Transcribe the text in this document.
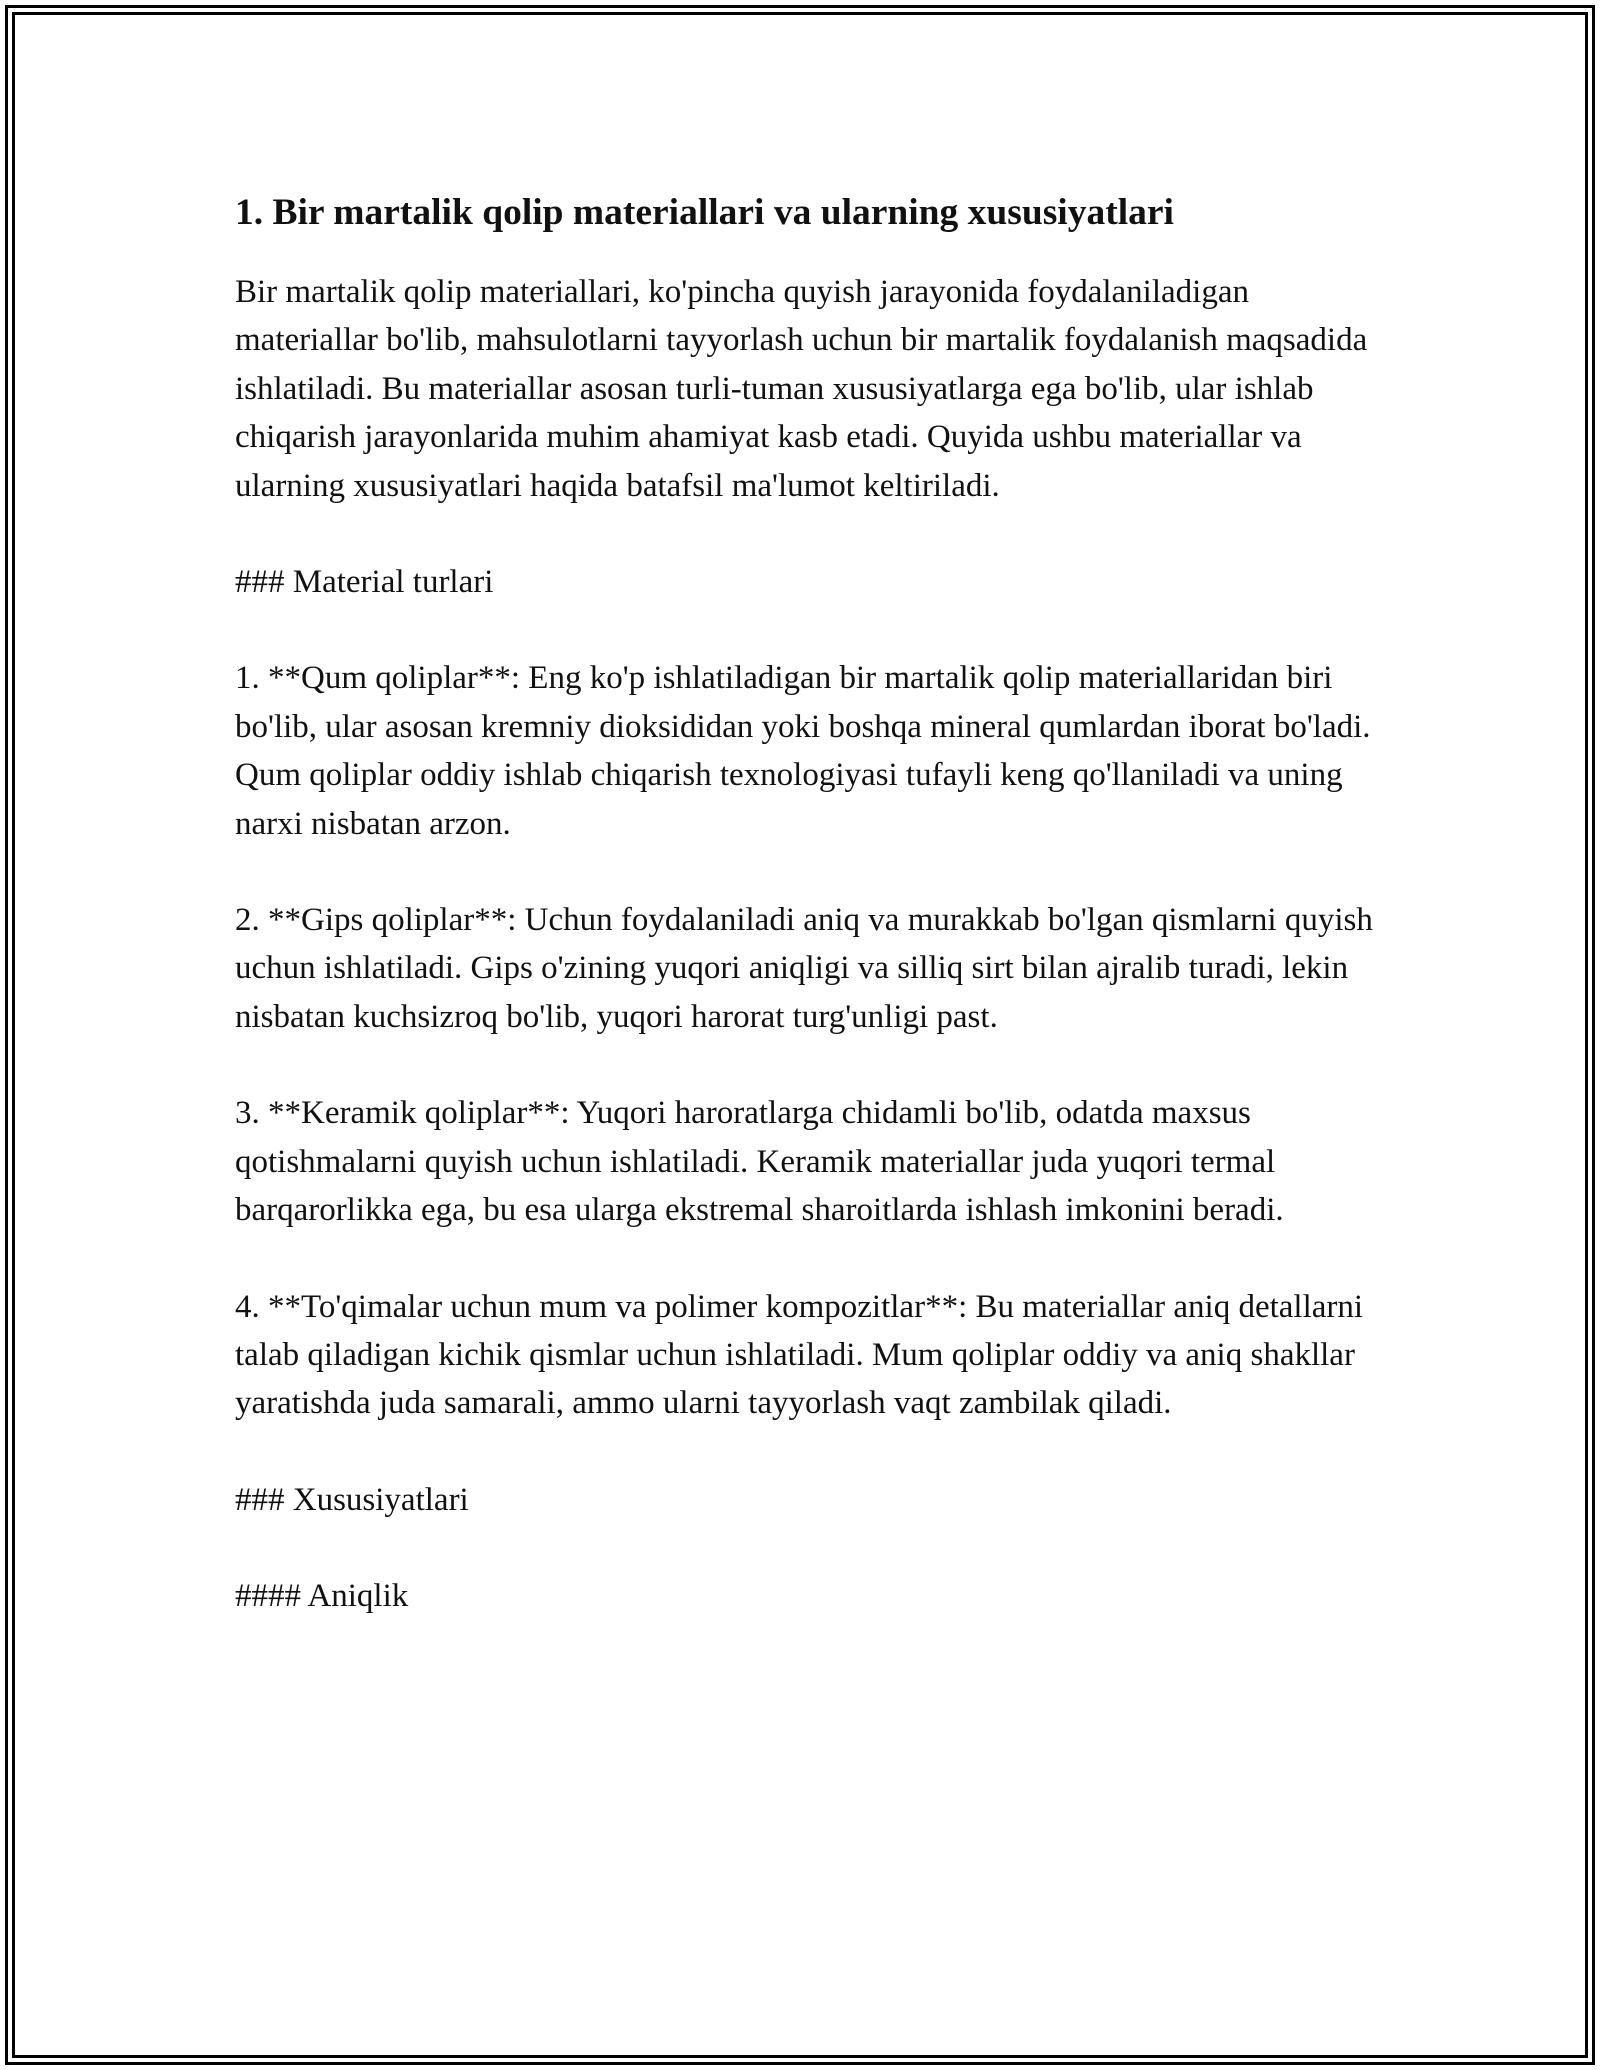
1. Bir martalik qolip materiallari va ularning xususiyatlari

Bir martalik qolip materiallari, ko'pincha quyish jarayonida foydalaniladigan materiallar bo'lib, mahsulotlarni tayyorlash uchun bir martalik foydalanish maqsadida ishlatiladi. Bu materiallar asosan turli-tuman xususiyatlarga ega bo'lib, ular ishlab chiqarish jarayonlarida muhim ahamiyat kasb etadi. Quyida ushbu materiallar va ularning xususiyatlari haqida batafsil ma'lumot keltiriladi.

### Material turlari

1. **Qum qoliplar**: Eng ko'p ishlatiladigan bir martalik qolip materiallaridan biri bo'lib, ular asosan kremniy dioksididan yoki boshqa mineral qumlardan iborat bo'ladi. Qum qoliplar oddiy ishlab chiqarish texnologiyasi tufayli keng qo'llaniladi va uning narxi nisbatan arzon.

2. **Gips qoliplar**: Uchun foydalaniladi aniq va murakkab bo'lgan qismlarni quyish uchun ishlatiladi. Gips o'zining yuqori aniqligi va silliq sirt bilan ajralib turadi, lekin nisbatan kuchsizroq bo'lib, yuqori harorat turg'unligi past.

3. **Keramik qoliplar**: Yuqori haroratlarga chidamli bo'lib, odatda maxsus qotishmalarni quyish uchun ishlatiladi. Keramik materiallar juda yuqori termal barqarorlikka ega, bu esa ularga ekstremal sharoitlarda ishlash imkonini beradi.

4. **To'qimalar uchun mum va polimer kompozitlar**: Bu materiallar aniq detallarni talab qiladigan kichik qismlar uchun ishlatiladi. Mum qoliplar oddiy va aniq shakllar yaratishda juda samarali, ammo ularni tayyorlash vaqt zambilak qiladi.

### Xususiyatlari

#### Aniqlik
